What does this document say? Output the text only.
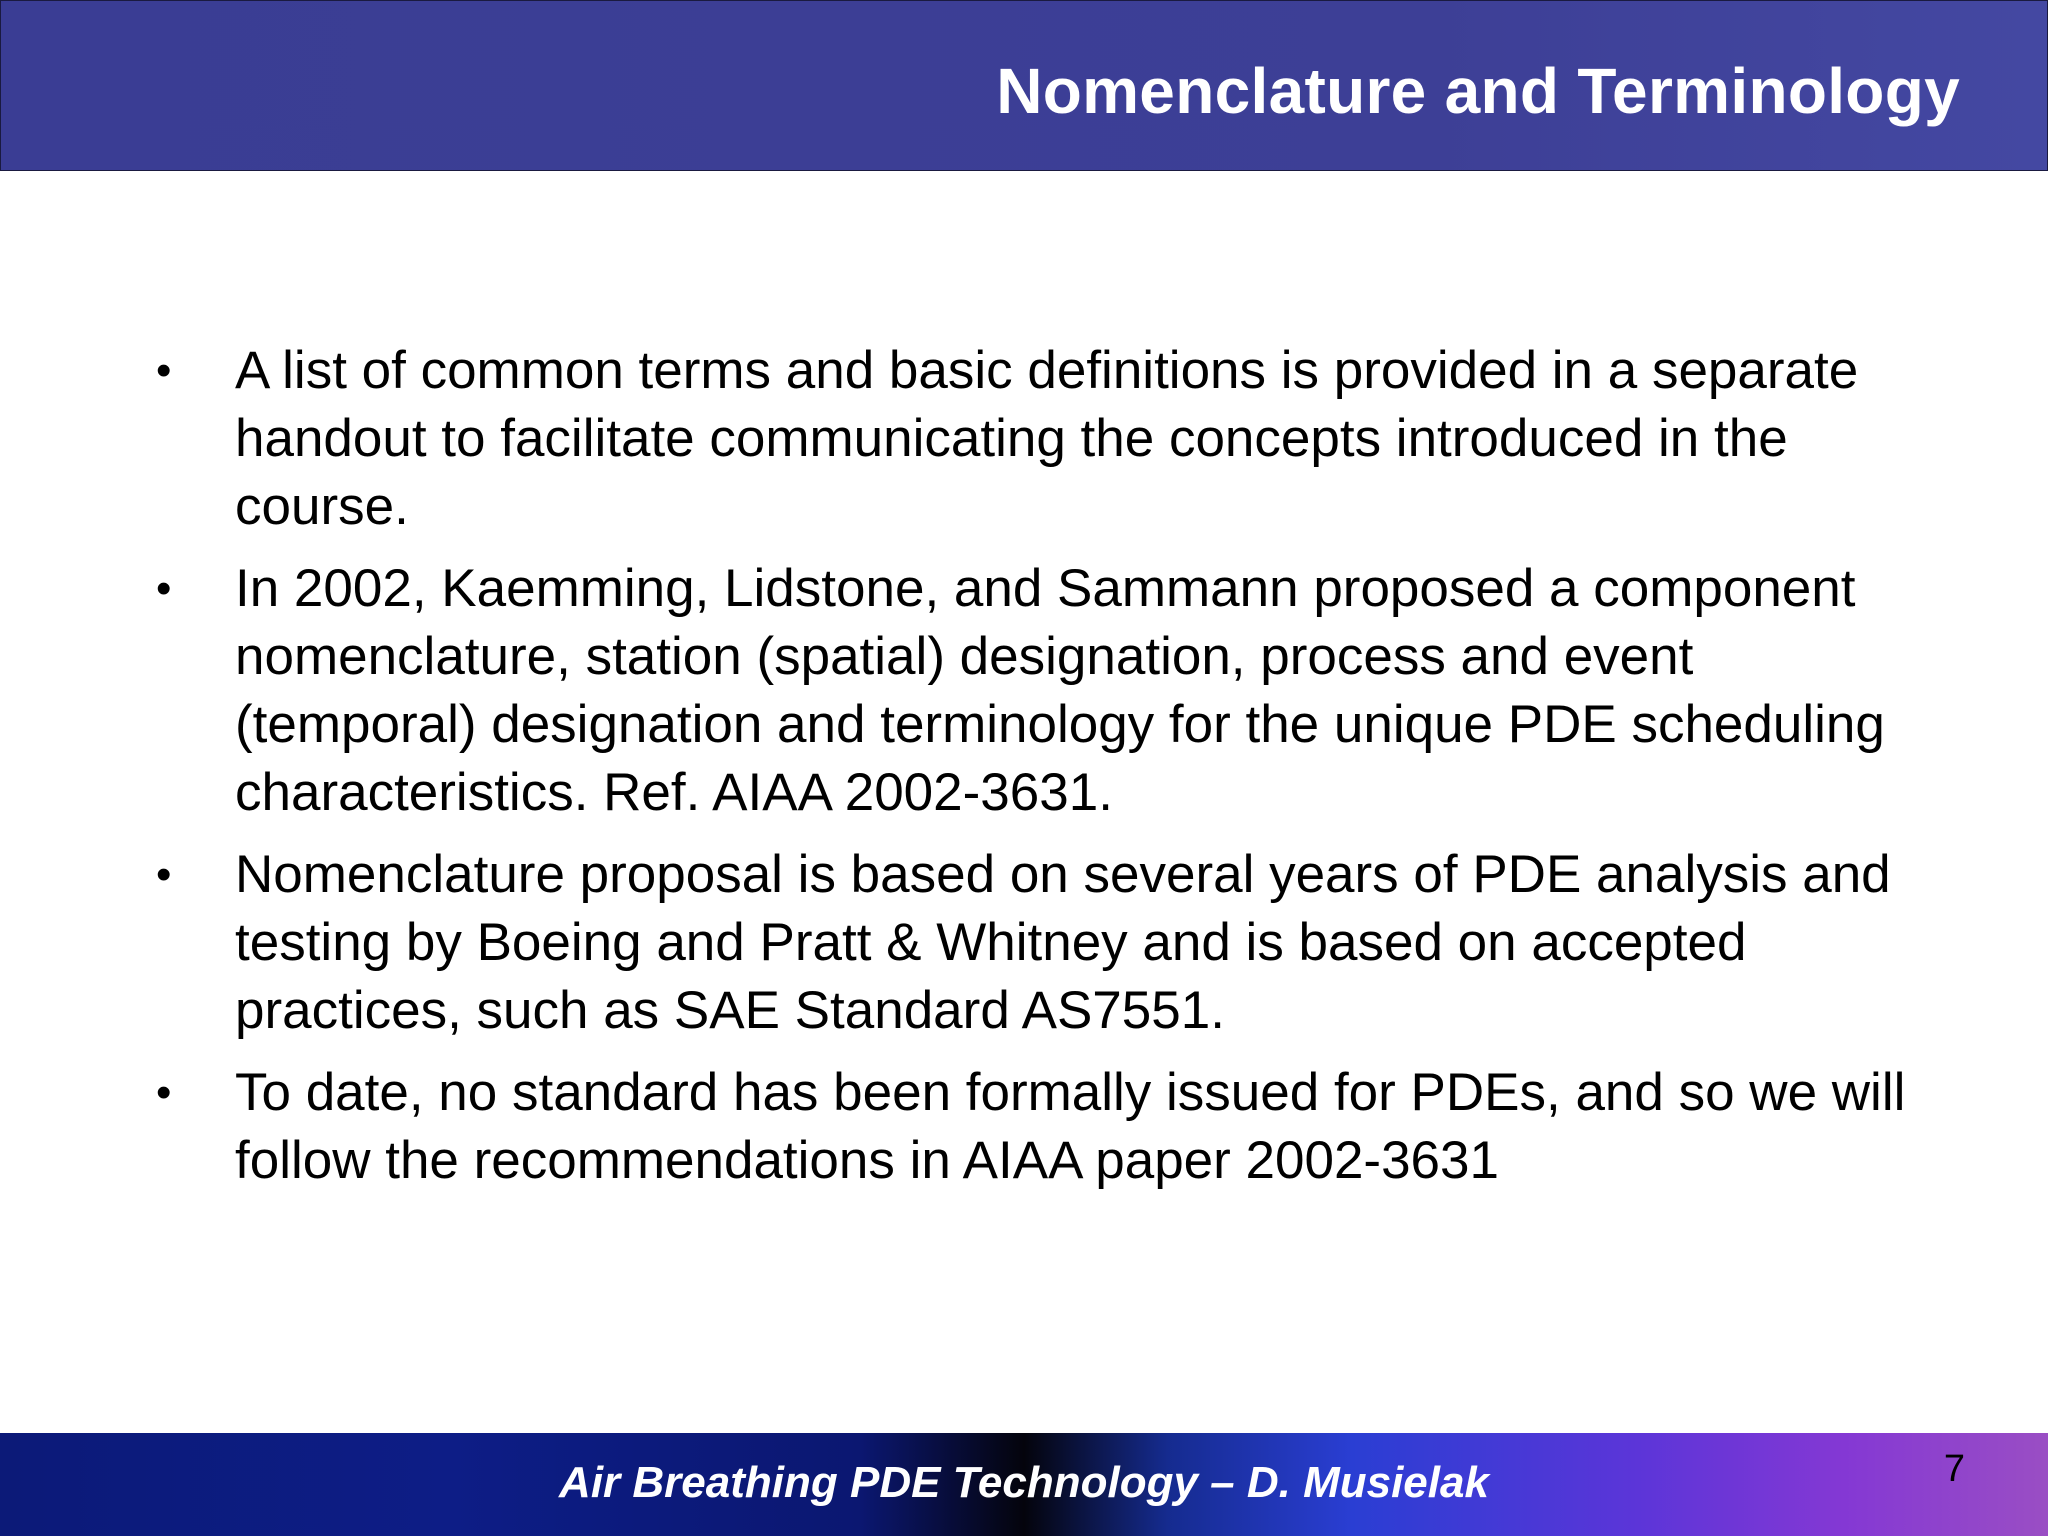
Nomenclature and Terminology
• A list of common terms and basic definitions is provided in a separate handout to facilitate communicating the concepts introduced in the course.
• In 2002, Kaemming, Lidstone, and Sammann proposed a component nomenclature, station (spatial) designation, process and event (temporal) designation and terminology for the unique PDE scheduling characteristics. Ref. AIAA 2002-3631.
• Nomenclature proposal is based on several years of PDE analysis and testing by Boeing and Pratt & Whitney and is based on accepted practices, such as SAE Standard AS7551.
• To date, no standard has been formally issued for PDEs, and so we will follow the recommendations in AIAA paper 2002-3631
Air Breathing PDE Technology – D. Musielak	7
